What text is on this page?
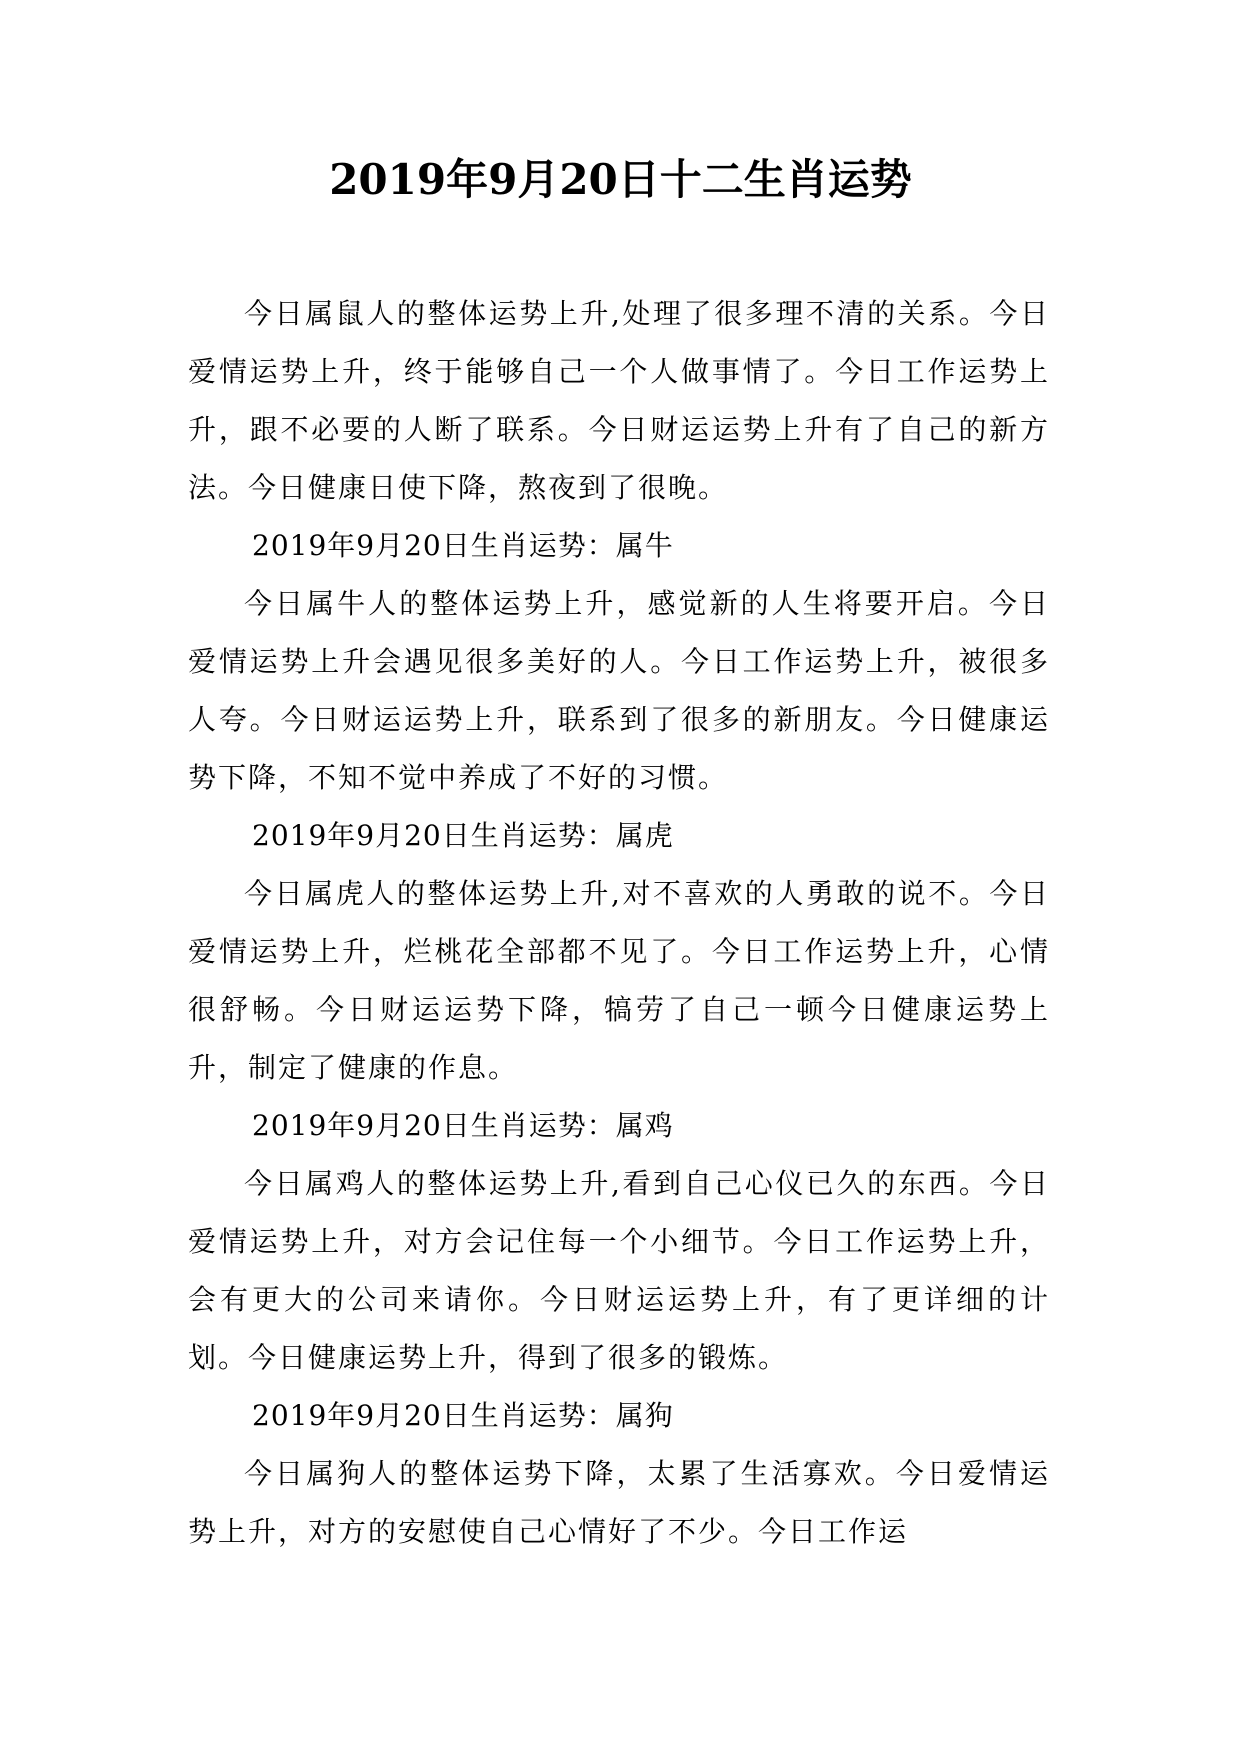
2019年9月20日十二生肖运势

今日属鼠人的整体运势上升,处理了很多理不清的关系。今日爱情运势上升，终于能够自己一个人做事情了。今日工作运势上升，跟不必要的人断了联系。今日财运运势上升有了自己的新方法。今日健康日使下降，熬夜到了很晚。

2019年9月20日生肖运势：属牛

今日属牛人的整体运势上升，感觉新的人生将要开启。今日爱情运势上升会遇见很多美好的人。今日工作运势上升，被很多人夸。今日财运运势上升，联系到了很多的新朋友。今日健康运势下降，不知不觉中养成了不好的习惯。

2019年9月20日生肖运势：属虎

今日属虎人的整体运势上升,对不喜欢的人勇敢的说不。今日爱情运势上升，烂桃花全部都不见了。今日工作运势上升，心情很舒畅。今日财运运势下降，犒劳了自己一顿今日健康运势上升，制定了健康的作息。

2019年9月20日生肖运势：属鸡

今日属鸡人的整体运势上升,看到自己心仪已久的东西。今日爱情运势上升，对方会记住每一个小细节。今日工作运势上升，会有更大的公司来请你。今日财运运势上升，有了更详细的计划。今日健康运势上升，得到了很多的锻炼。

2019年9月20日生肖运势：属狗

今日属狗人的整体运势下降，太累了生活寡欢。今日爱情运势上升，对方的安慰使自己心情好了不少。今日工作运
